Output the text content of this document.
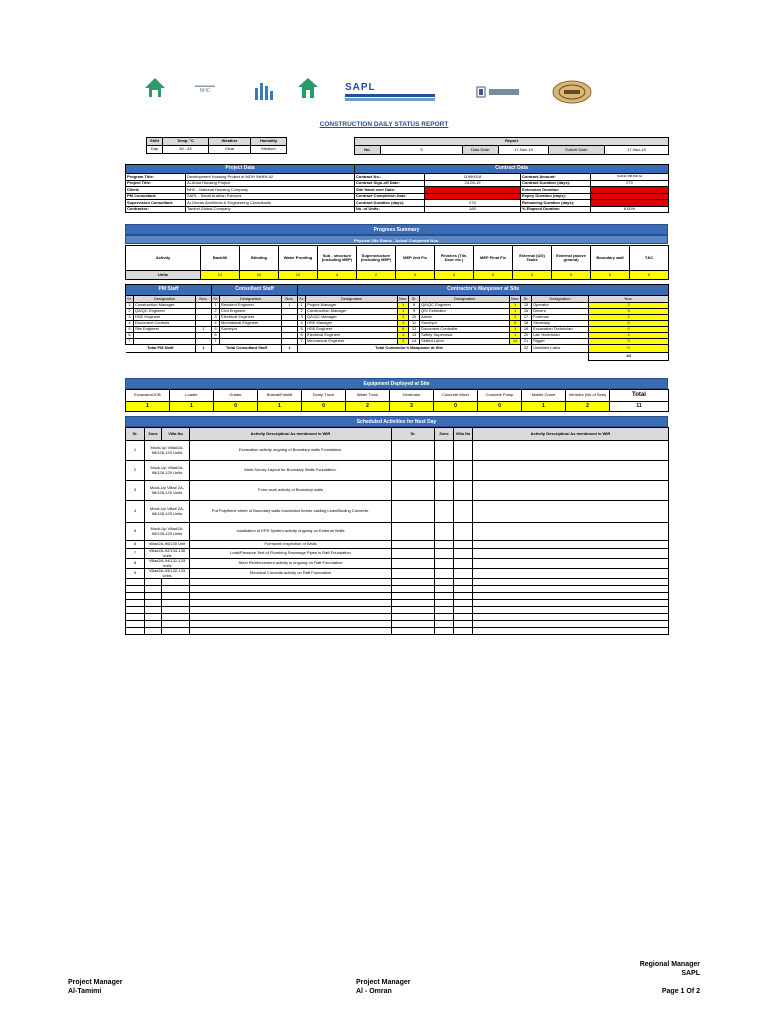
▬▬▬▬
NHC	SAPL
CONSTRUCTION DAILY STATUS REPORT
Shift	Temp. °C	Weather	Humidity
Day	30 - 45	Clear	Medium
Report
No.	5	Data Date:	17-Nov-19	Submit Date:	17-Nov-19
Project Data		Contract Data			
Program Title:	Development Housing Project of MOH /NHFA #2	Contract No.:	11990018	Contract Amount:	SAR40,358,890.62
Project Title:	Al-Ahsa Housing Project	Contract Sign-off Date:	24-05-19	Contract Duration (days):	270
Client:	NHC - National Housing Company	Site Hand over Date:		Extension Duration	
PM Consultant:	SAPL - Saudi Arabian Parsons	Contract Completion Date:		Expiry Duration (days):	
Supervision Consultant:	Al-Omran Architects & Engineering Consultants	Contract Duration (days):	270	Remaining Duration (days):	
Contractor:	Tamimi Global Company	No. of Units:	180	% Elapsed Duration	8.00%
Progress Summary
Physical Site Status - Actual Completed Nos.
Activity	Backfill	Blinding	Water Proofing	Sub - structure (including MEP)	Superstructure (including MEP)	MEP 2nd Fix	Finishes (Tile, Door etc.)	MEP Final Fix	External (UG) Tanks	External (above ground)	Boundary wall	T&C
Units	12	10	10	4	2	0	0	0	0	0	0	0
PM Staff			Consultant Staff			Contractor's Manpower at Site								
Sr.	Designation	Nos.	Sr.	Designation	Nos.	Sr.	Designation	Nos.	Sr.	Designation	Nos.	Sr.	Designation	Nos.
1	Construction Manager		1	Resident Engineer	1	1	Project Manager	1	8	QA/QC Engineer	1	15	Operator	2
2	QA/QC Engineer		2	Civil Engineer		2	Construction Manager	1	9	QS/ Estimator	1	16	Drivers	3
3	HSE Engineer		3	Electrical Engineer		3	QA/QC Manager	1	10	Admin	1	17	Foreman	2
4	Document Controls		4	Mechanical Engineer		4	HSE Manager	1	11	Surveyor	2	18	Secretary	0
5	Site Engineer	1	5	Surveyor		5	HSE Engineer	0	12	Document Controller	1	19	Excavation Technician	0
6			6			6	Electrical Engineer	1	13	Safety Supervisor	1	20	Lab Technician	2
7			7			7	Mechanical Engineer	1	14	Skilled Labor	14	21	Rigger	0
Total PM Staff		1	Total Consultant Staff		1	Total Contractor's Manpower at Site						22	Unskilled Labor	0
														44
Equipment Deployed at Site
Excavator/JCB	Loader	Grader	Bobcat/Forklift	Dump Truck	Water Truck	Generator	Concrete Mixer	Concrete Pump	Mobile Crane	Vehicles (No of Sets)	Total
1	1	0	1	0	2	3	0	0	1	2	11
Scheduled Activities for Next Day
Sr.	Zone	Villa No	Activity Description/ As mentioned in WIR	Sr.	Zone	Villa No	Activity Description/ As mentioned in WIR
1	Mock-Up Villa#2A-98/128-129 Units		Excavation activity ongoing of Boundary walls Foundation.				
2	Mock-Up Villa#2A-98/128-129 Units		Mark Survey Layout for Boundary Walls Foundation.				
3	Mock-Up Villa# 2A-98/128-129 Units		Form work activity of Boundary walls				
4	Mock-Up Villa# 2A-98/128-129 Units		Put Polythene sheet of Boundary walls foundation before casting Lean/Binding Concrete.				
5	Mock-Up Villa#2A-98/128-129 Units		Installation of EPS System activity ongoing on External Walls				
6	Villa#2A-96/130 Unit		Formwork inspection of Walls				
7	Villa#2A-92/134-136 Units		Leak/Pressure Test of Plumbing Sewarage Pipes in Raft Foundation				
8	Villa#2A-94/132-133 Units		Steel Reinforcement activity is ongoing on Raft Foundation				
9	Villa#2A-94/132-133 Units		Electrical Conduits activity on Raft Foundation				

Project Manager
Al-Tamimi
Project Manager
Al - Omran
Regional Manager
SAPL
Page 1 Of 2
